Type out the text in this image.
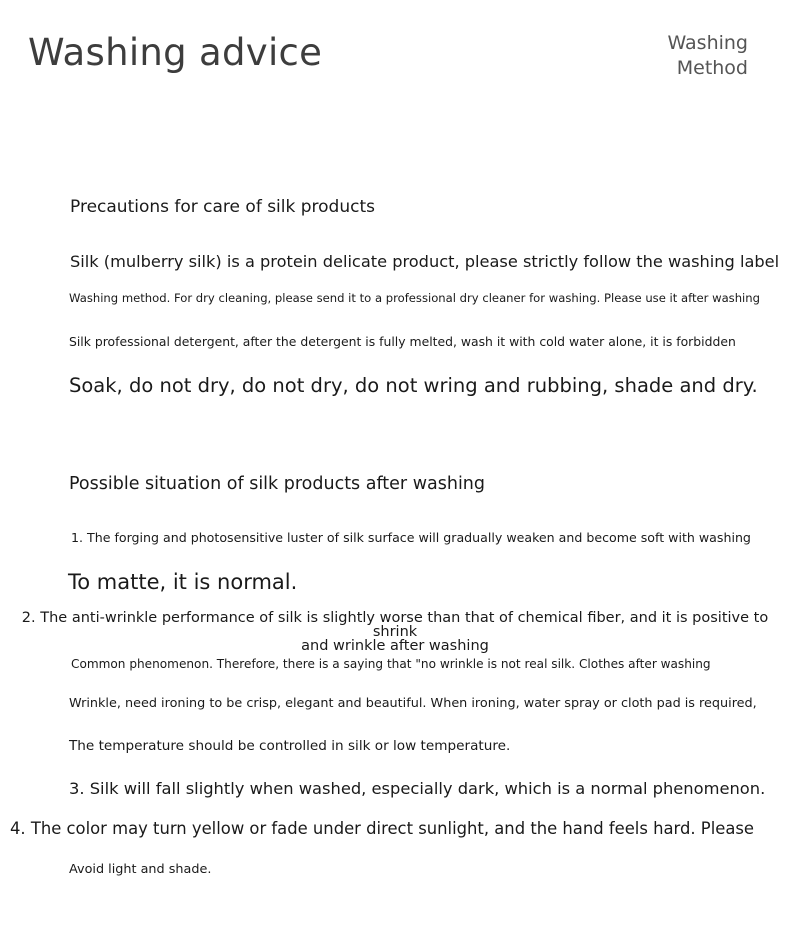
Washing advice	Washing
Method

Precautions for care of silk products

Silk (mulberry silk) is a protein delicate product, please strictly follow the washing label

Washing method. For dry cleaning, please send it to a professional dry cleaner for washing. Please use it after washing

Silk professional detergent, after the detergent is fully melted, wash it with cold water alone, it is forbidden

Soak, do not dry, do not dry, do not wring and rubbing, shade and dry.

Possible situation of silk products after washing

1. The forging and photosensitive luster of silk surface will gradually weaken and become soft with washing

To matte, it is normal.

2. The anti-wrinkle performance of silk is slightly worse than that of chemical fiber, and it is positive to shrink
and wrinkle after washing

Common phenomenon. Therefore, there is a saying that "no wrinkle is not real silk. Clothes after washing

Wrinkle, need ironing to be crisp, elegant and beautiful. When ironing, water spray or cloth pad is required,

The temperature should be controlled in silk or low temperature.

3. Silk will fall slightly when washed, especially dark, which is a normal phenomenon.

4. The color may turn yellow or fade under direct sunlight, and the hand feels hard. Please

Avoid light and shade.
